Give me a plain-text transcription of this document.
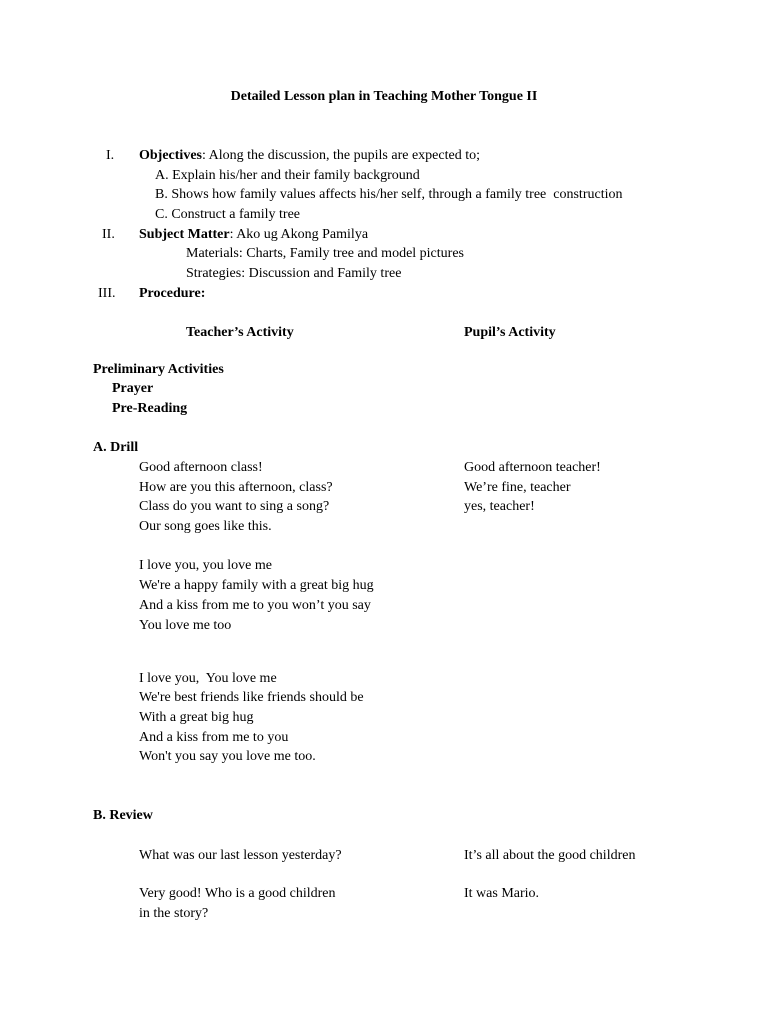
Detailed Lesson plan in Teaching Mother Tongue II
I. Objectives: Along the discussion, the pupils are expected to;
A. Explain his/her and their family background
B. Shows how family values affects his/her self, through a family tree  construction
C. Construct a family tree
II. Subject Matter: Ako ug Akong Pamilya
Materials: Charts, Family tree and model pictures
Strategies: Discussion and Family tree
III. Procedure:
Teacher’s Activity	Pupil’s Activity
Preliminary Activities
Prayer
Pre-Reading
A. Drill
Good afternoon class!
How are you this afternoon, class?
Class do you want to sing a song?
Our song goes like this.
Good afternoon teacher!
We’re fine, teacher
yes, teacher!
I love you, you love me
We're a happy family with a great big hug
And a kiss from me to you won’t you say
You love me too
I love you,  You love me
We're best friends like friends should be
With a great big hug
And a kiss from me to you
Won't you say you love me too.
B. Review
What was our last lesson yesterday?	It’s all about the good children
Very good! Who is a good children
in the story?
It was Mario.
